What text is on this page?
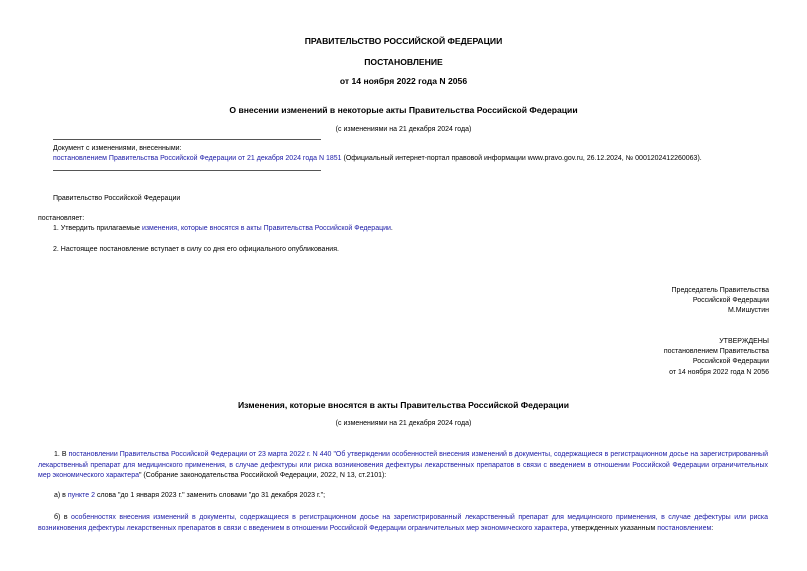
ПРАВИТЕЛЬСТВО РОССИЙСКОЙ ФЕДЕРАЦИИ
ПОСТАНОВЛЕНИЕ
от 14 ноября 2022 года N 2056
О внесении изменений в некоторые акты Правительства Российской Федерации
(с изменениями на 21 декабря 2024 года)
Документ с изменениями, внесенными:
постановлением Правительства Российской Федерации от 21 декабря 2024 года N 1851 (Официальный интернет-портал правовой информации www.pravo.gov.ru, 26.12.2024, № 0001202412260063).
Правительство Российской Федерации
постановляет:
1. Утвердить прилагаемые изменения, которые вносятся в акты Правительства Российской Федерации.
2. Настоящее постановление вступает в силу со дня его официального опубликования.
Председатель Правительства
Российской Федерации
М.Мишустин
УТВЕРЖДЕНЫ
постановлением Правительства
Российской Федерации
от 14 ноября 2022 года N 2056
Изменения, которые вносятся в акты Правительства Российской Федерации
(с изменениями на 21 декабря 2024 года)
1. В постановлении Правительства Российской Федерации от 23 марта 2022 г. N 440 "Об утверждении особенностей внесения изменений в документы, содержащиеся в регистрационном досье на зарегистрированный лекарственный препарат для медицинского применения, в случае дефектуры или риска возникновения дефектуры лекарственных препаратов в связи с введением в отношении Российской Федерации ограничительных мер экономического характера" (Собрание законодательства Российской Федерации, 2022, N 13, ст.2101):
а) в пункте 2 слова "до 1 января 2023 г." заменить словами "до 31 декабря 2023 г.";
б) в особенностях внесения изменений в документы, содержащиеся в регистрационном досье на зарегистрированный лекарственный препарат для медицинского применения, в случае дефектуры или риска возникновения дефектуры лекарственных препаратов в связи с введением в отношении Российской Федерации ограничительных мер экономического характера, утвержденных указанным постановлением:
